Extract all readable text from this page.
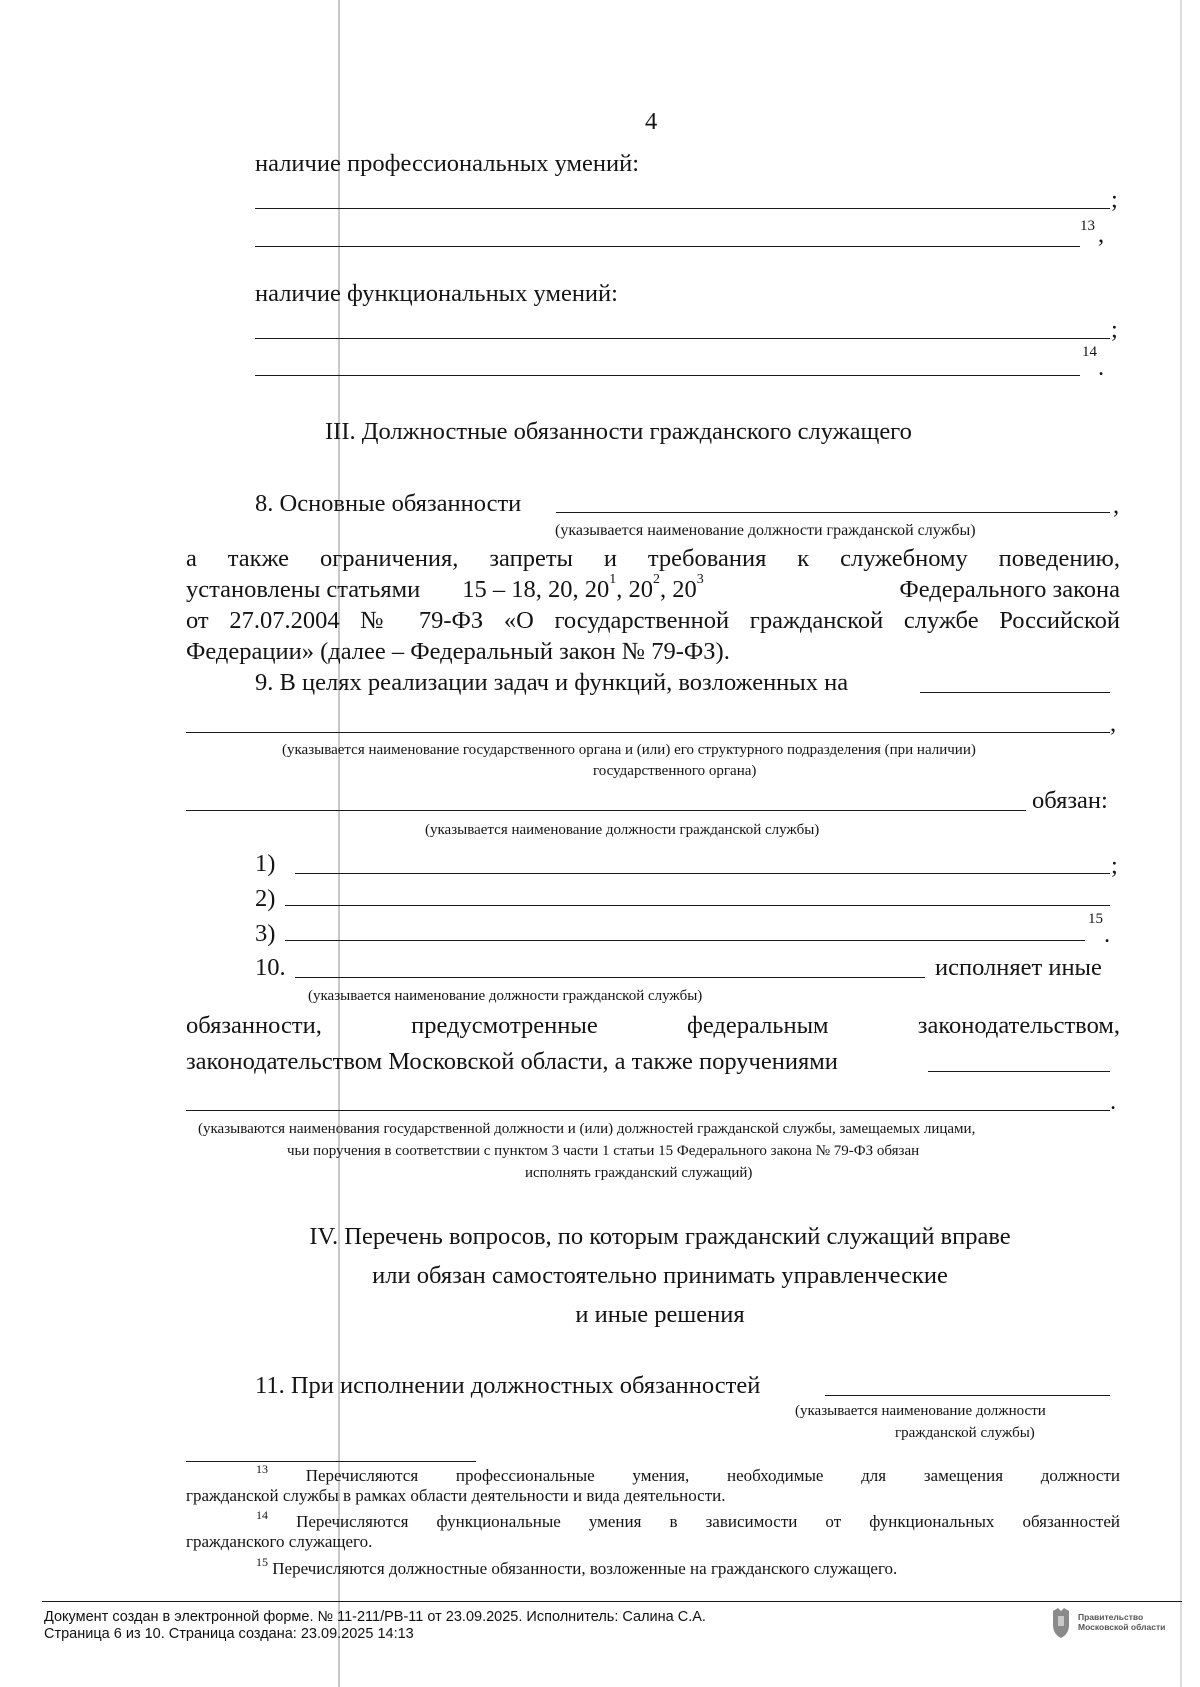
4
наличие профессиональных умений:
;
13 ,
наличие функциональных умений:
;
14
.
III. Должностные обязанности гражданского служащего
8. Основные обязанности	,
(указывается наименование должности гражданской службы)
а также ограничения, запреты и требования к служебному поведению,
установлены статьями 15 – 18, 20, $20^1$, $20^2$, $20^3$	Федерального закона
от 27.07.2004 № 79-ФЗ «О государственной гражданской службе Российской
Федерации» (далее – Федеральный закон № 79-ФЗ).
9. В целях реализации задач и функций, возложенных на
,
(указывается наименование государственного органа и (или) его структурного подразделения (при наличии)
государственного органа)
обязан:
(указывается наименование должности гражданской службы)
1)	;
2)
3)
15
.
10.	исполняет иные
(указывается наименование должности гражданской службы)
обязанности, предусмотренные федеральным законодательством,
законодательством Московской области, а также поручениями
.
(указываются наименования государственной должности и (или) должностей гражданской службы, замещаемых лицами,
чьи поручения в соответствии с пунктом 3 части 1 статьи 15 Федерального закона № 79-ФЗ обязан
исполнять гражданский служащий)
IV. Перечень вопросов, по которым гражданский служащий вправе
или обязан самостоятельно принимать управленческие
и иные решения
11. При исполнении должностных обязанностей
(указывается наименование должности
гражданской службы)
$^{13}$ Перечисляются профессиональные умения, необходимые для замещения должности
гражданской службы в рамках области деятельности и вида деятельности.
$^{14}$ Перечисляются функциональные умения в зависимости от функциональных обязанностей
гражданского служащего.
$^{15}$ Перечисляются должностные обязанности, возложенные на гражданского служащего.
Документ создан в электронной форме. № 11-211/РВ-11 от 23.09.2025. Исполнитель: Салина С.А.
Страница 6 из 10. Страница создана: 23.09.2025 14:13
Правительство
Московской области
